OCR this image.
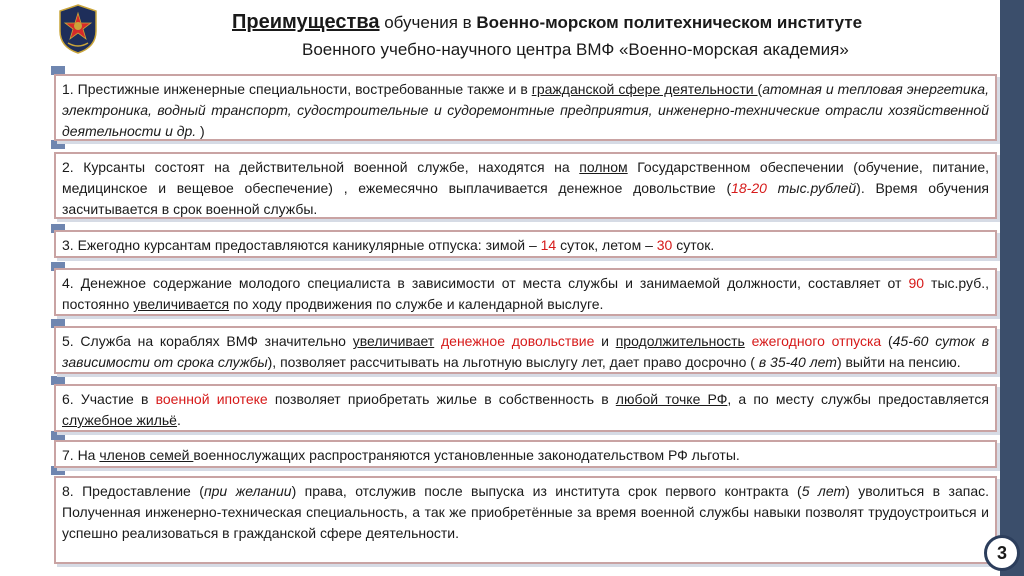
Преимущества обучения в Военно-морском политехническом институте
Военного учебно-научного центра ВМФ «Военно-морская академия»
1. Престижные инженерные специальности, востребованные также и в гражданской сфере деятельности (атомная и тепловая энергетика, электроника, водный транспорт, судостроительные и судоремонтные предприятия, инженерно-технические отрасли хозяйственной деятельности и др. )
2. Курсанты состоят на действительной военной службе, находятся на полном Государственном обеспечении (обучение, питание, медицинское и вещевое обеспечение) , ежемесячно выплачивается денежное довольствие (18-20 тыс.рублей). Время обучения засчитывается в срок военной службы.
3. Ежегодно курсантам предоставляются каникулярные отпуска: зимой – 14 суток, летом – 30 суток.
4. Денежное содержание молодого специалиста в зависимости от места службы и занимаемой должности, составляет от 90 тыс.руб., постоянно увеличивается по ходу продвижения по службе и календарной выслуге.
5. Служба на кораблях ВМФ значительно увеличивает денежное довольствие и продолжительность ежегодного отпуска (45-60 суток в зависимости от срока службы), позволяет рассчитывать на льготную выслугу лет, дает право досрочно ( в 35-40 лет) выйти на пенсию.
6. Участие в военной ипотеке позволяет приобретать жилье в собственность в любой точке РФ, а по месту службы предоставляется служебное жильё.
7. На членов семей военнослужащих распространяются установленные законодательством РФ льготы.
8. Предоставление (при желании) права, отслужив после выпуска из института срок первого контракта (5 лет) уволиться в запас. Полученная инженерно-техническая специальность, а так же приобретённые за время военной службы навыки позволят трудоустроиться и успешно реализоваться в гражданской сфере деятельности.
3
